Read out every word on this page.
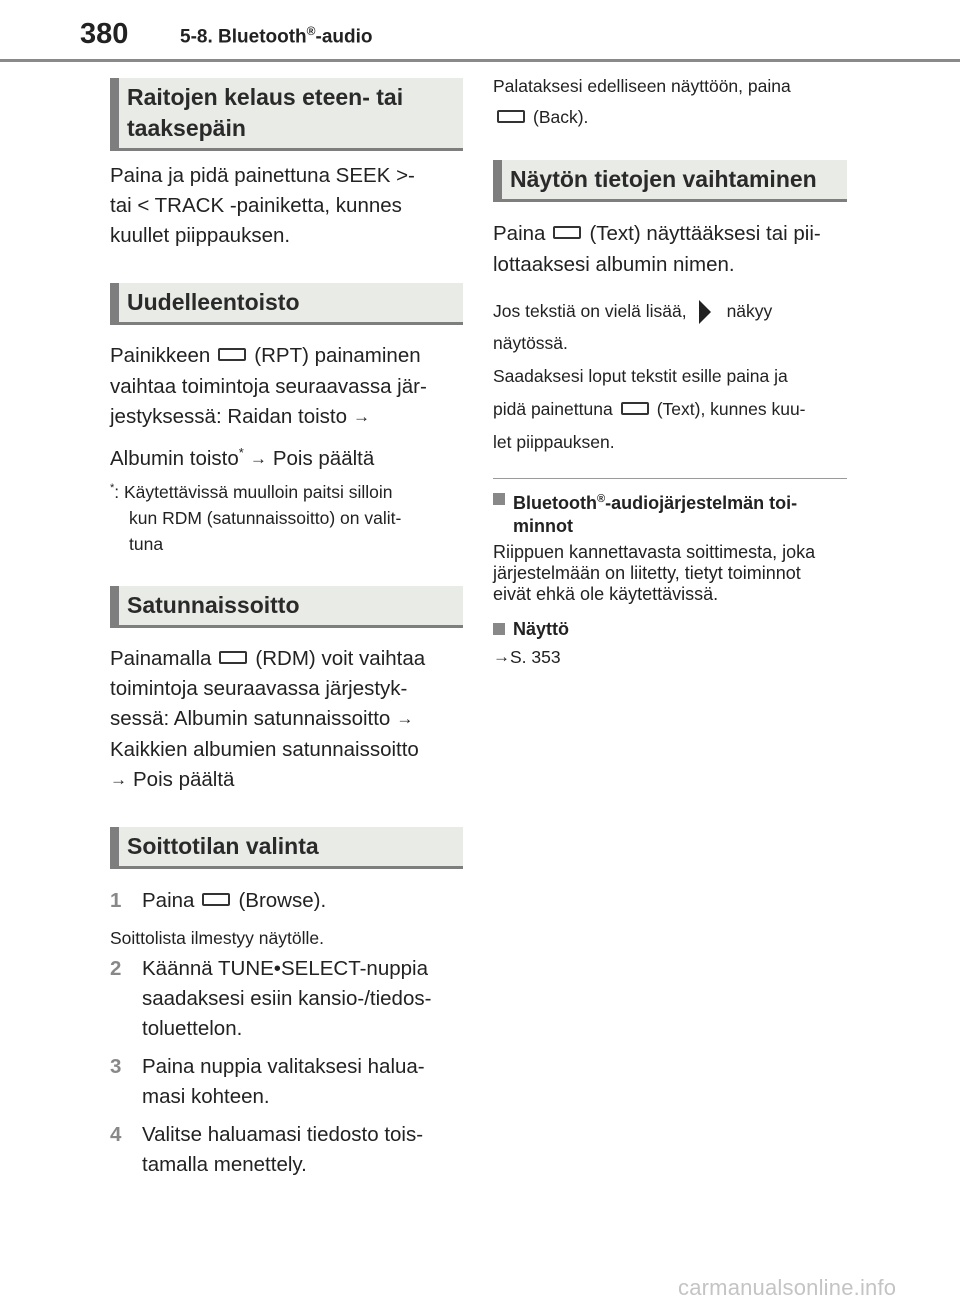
380	5-8. Bluetooth®-audio
Raitojen kelaus eteen- tai
taaksepäin
Paina ja pidä painettuna SEEK >-
tai < TRACK -painiketta, kunnes
kuullet piippauksen.
Uudelleentoisto
Painikkeen (RPT) painaminen
vaihtaa toimintoja seuraavassa jär-
jestyksessä: Raidan toisto →
Albumin toisto* → Pois päältä
*: Käytettävissä muulloin paitsi silloin
kun RDM (satunnaissoitto) on valit-
tuna
Satunnaissoitto
Painamalla (RDM) voit vaihtaa
toimintoja seuraavassa järjestyk-
sessä: Albumin satunnaissoitto →
Kaikkien albumien satunnaissoitto
→ Pois päältä
Soittotilan valinta
1	Paina (Browse).
Soittolista ilmestyy näytölle.
2	Käännä TUNE•SELECT-nuppia
saadaksesi esiin kansio-/tiedos-
toluettelon.
3	Paina nuppia valitaksesi halua-
masi kohteen.
4	Valitse haluamasi tiedosto tois-
tamalla menettely.
Palataksesi edelliseen näyttöön, paina
(Back).
Näytön tietojen vaihtaminen
Paina (Text) näyttääksesi tai pii-
lottaaksesi albumin nimen.
Jos tekstiä on vielä lisää, näkyy
näytössä.
Saadaksesi loput tekstit esille paina ja
pidä painettuna	(Text), kunnes kuu-
let piippauksen.
Bluetooth®-audiojärjestelmän toi-
minnot
Riippuen kannettavasta soittimesta, joka
järjestelmään on liitetty, tietyt toiminnot
eivät ehkä ole käytettävissä.
Näyttö
→S. 353
carmanualsonline.info
